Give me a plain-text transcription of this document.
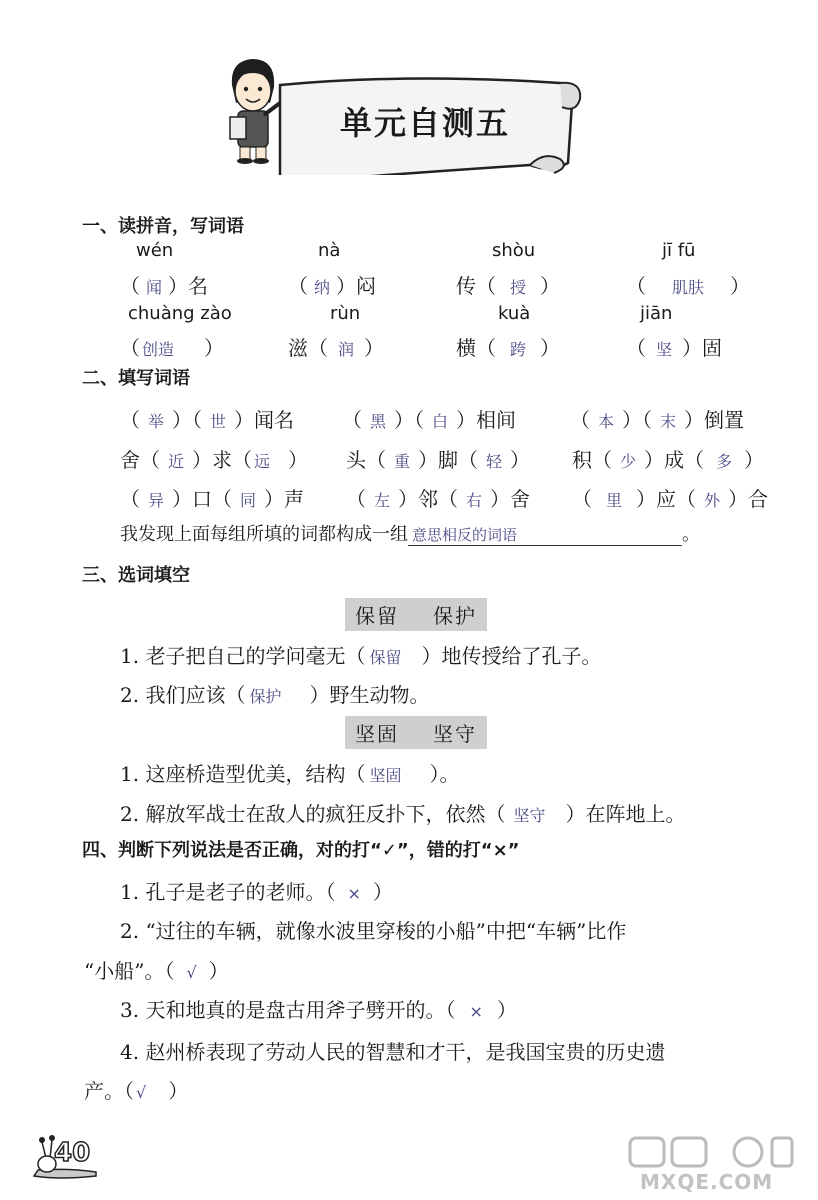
单元自测五
一、读拼音，写词语
wén	nà	shòu	jī fū
（ 闻 ）名	（ 纳 ）闷	传（ 授 ）	（ 肌肤 ）
chuàng zào	rùn	kuà	jiān
（ 创造 ）	滋（ 润 ）	横（ 跨 ）	（ 坚 ）固
二、填写词语
（ 举 ）（ 世 ）闻名 （ 黑 ）（ 白 ）相间	（ 本 ）（ 末 ）倒置
舍（ 近 ）求（ 远 ） 头（ 重 ）脚（ 轻 ） 积（ 少 ）成（ 多 ）
（ 异 ）口（ 同 ）声 （ 左 ）邻（ 右 ）舍 （ 里 ）应（ 外 ）合
我发现上面每组所填的词都构成一组 意思相反的词语	。
三、选词填空
保留 保护
1. 老子把自己的学问毫无（ 保留 ）地传授给了孔子。
2. 我们应该（ 保护 ）野生动物。
坚固 坚守
1. 这座桥造型优美，结构（ 坚固 ）。
2. 解放军战士在敌人的疯狂反扑下，依然（ 坚守 ）在阵地上。
四、判断下列说法是否正确，对的打“✓”，错的打“×”
1. 孔子是老子的老师。（ × ）
2. “过往的车辆，就像水波里穿梭的小船”中把“车辆”比作
“小船”。（ √ ）
3. 天和地真的是盘古用斧子劈开的。（ × ）
4. 赵州桥表现了劳动人民的智慧和才干，是我国宝贵的历史遗
产。（ √ ）
40
MXQE.COM
